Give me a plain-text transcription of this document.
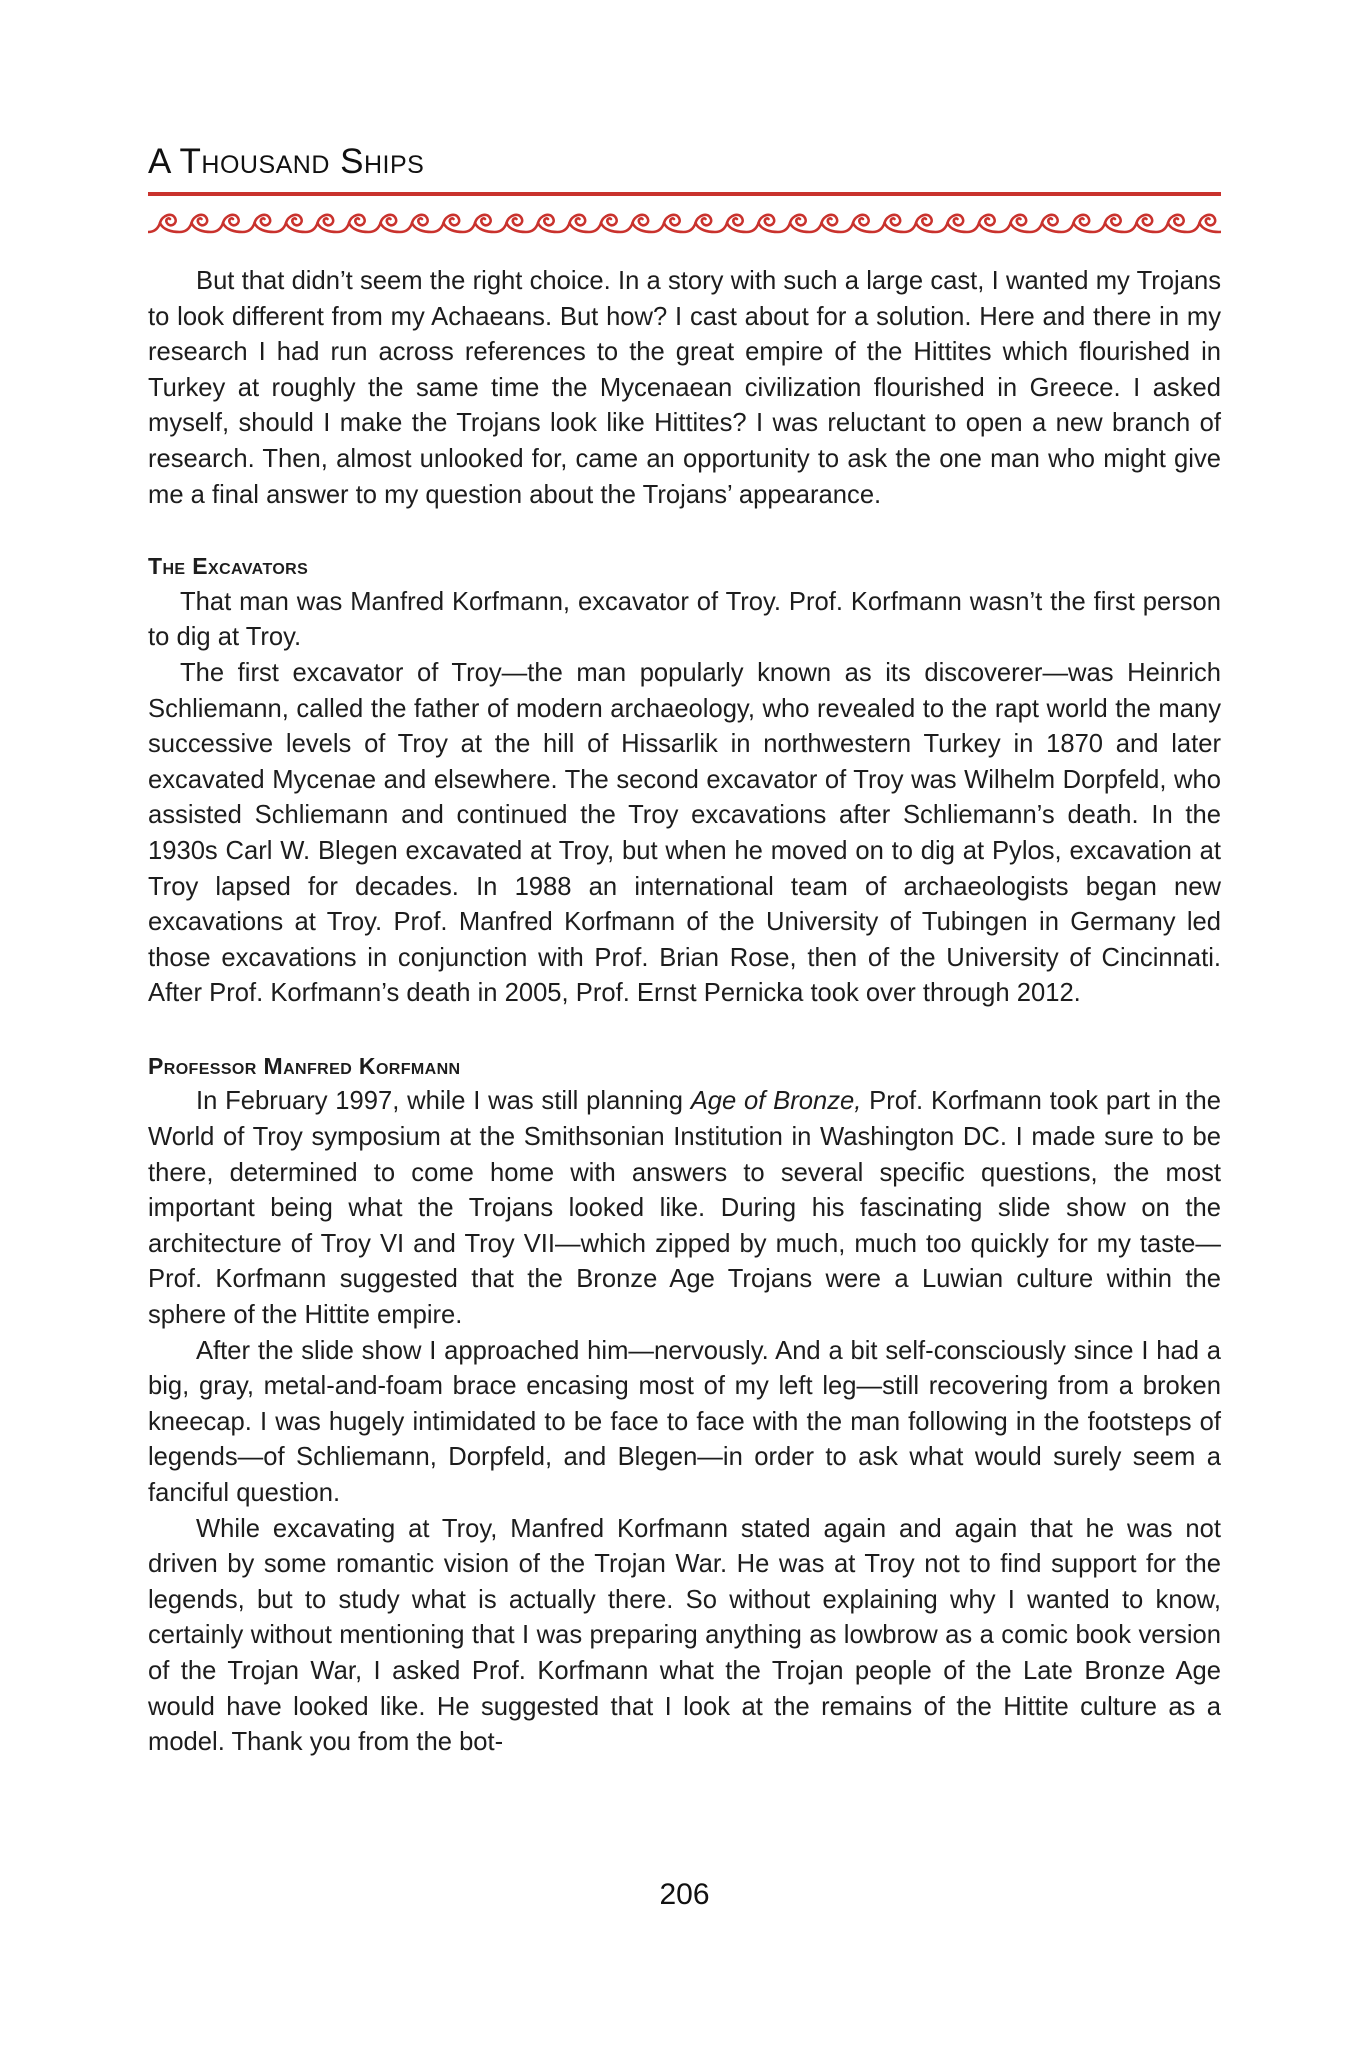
A Thousand Ships

But that didn’t seem the right choice. In a story with such a large cast, I wanted my Trojans to look different from my Achaeans. But how? I cast about for a solution. Here and there in my research I had run across references to the great empire of the Hittites which flourished in Turkey at roughly the same time the Mycenaean civilization flourished in Greece. I asked myself, should I make the Trojans look like Hittites? I was reluctant to open a new branch of research. Then, almost unlooked for, came an opportunity to ask the one man who might give me a final answer to my question about the Trojans’ appearance.

The Excavators

That man was Manfred Korfmann, excavator of Troy. Prof. Korfmann wasn’t the first person to dig at Troy.

The first excavator of Troy—the man popularly known as its discoverer—was Heinrich Schliemann, called the father of modern archaeology, who revealed to the rapt world the many successive levels of Troy at the hill of Hissarlik in northwestern Turkey in 1870 and later excavated Mycenae and elsewhere. The second excavator of Troy was Wilhelm Dorpfeld, who assisted Schliemann and continued the Troy excavations after Schliemann’s death. In the 1930s Carl W. Blegen excavated at Troy, but when he moved on to dig at Pylos, excavation at Troy lapsed for decades. In 1988 an international team of archaeologists began new excavations at Troy. Prof. Manfred Korfmann of the University of Tubingen in Germany led those excavations in conjunction with Prof. Brian Rose, then of the University of Cincinnati. After Prof. Korfmann’s death in 2005, Prof. Ernst Pernicka took over through 2012.

Professor Manfred Korfmann

In February 1997, while I was still planning Age of Bronze, Prof. Korfmann took part in the World of Troy symposium at the Smithsonian Institution in Washington DC. I made sure to be there, determined to come home with answers to several specific questions, the most important being what the Trojans looked like. During his fascinating slide show on the architecture of Troy VI and Troy VII—which zipped by much, much too quickly for my taste—Prof. Korfmann suggested that the Bronze Age Trojans were a Luwian culture within the sphere of the Hittite empire.

After the slide show I approached him—nervously. And a bit self-consciously since I had a big, gray, metal-and-foam brace encasing most of my left leg—still recovering from a broken kneecap. I was hugely intimidated to be face to face with the man following in the footsteps of legends—of Schliemann, Dorpfeld, and Blegen—in order to ask what would surely seem a fanciful question.

While excavating at Troy, Manfred Korfmann stated again and again that he was not driven by some romantic vision of the Trojan War. He was at Troy not to find support for the legends, but to study what is actually there. So without explaining why I wanted to know, certainly without mentioning that I was preparing anything as lowbrow as a comic book version of the Trojan War, I asked Prof. Korfmann what the Trojan people of the Late Bronze Age would have looked like. He suggested that I look at the remains of the Hittite culture as a model. Thank you from the bot-

206
